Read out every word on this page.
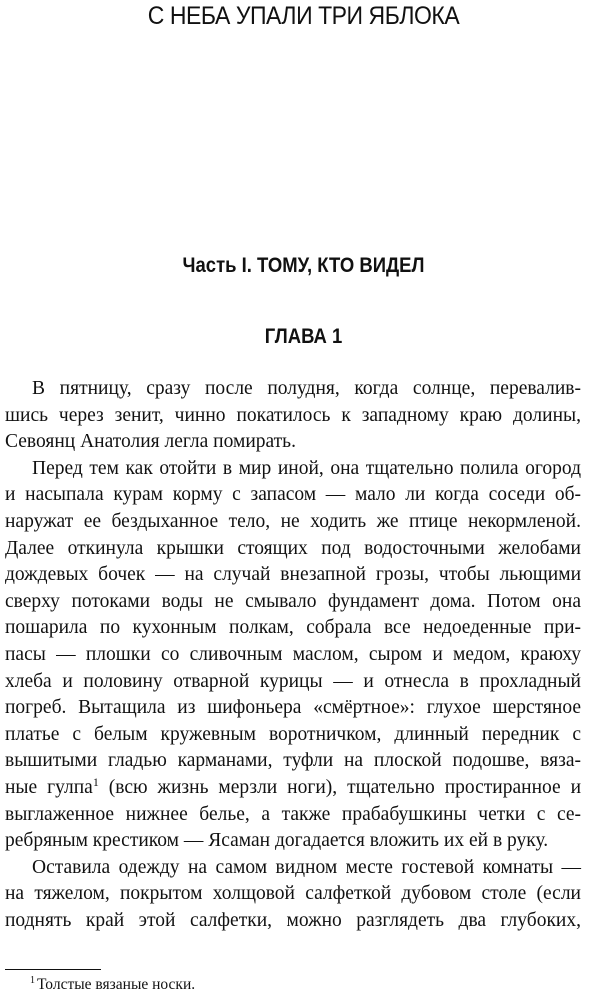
С НЕБА УПАЛИ ТРИ ЯБЛОКА
Часть I. ТОМУ, КТО ВИДЕЛ
ГЛАВА 1
В пятницу, сразу после полудня, когда солнце, перевалив-
шись через зенит, чинно покатилось к западному краю долины,
Севоянц Анатолия легла помирать.
Перед тем как отойти в мир иной, она тщательно полила огород
и насыпала курам корму с запасом — мало ли когда соседи об-
наружат ее бездыханное тело, не ходить же птице некормленой.
Далее откинула крышки стоящих под водосточными желобами
дождевых бочек — на случай внезапной грозы, чтобы льющими
сверху потоками воды не смывало фундамент дома. Потом она
пошарила по кухонным полкам, собрала все недоеденные при-
пасы — плошки со сливочным маслом, сыром и медом, краюху
хлеба и половину отварной курицы — и отнесла в прохладный
погреб. Вытащила из шифоньера «смёртное»: глухое шерстяное
платье с белым кружевным воротничком, длинный передник с
вышитыми гладью карманами, туфли на плоской подошве, вяза-
ные гулпа$^1$ (всю жизнь мерзли ноги), тщательно простиранное и
выглаженное нижнее белье, а также прабабушкины четки с се-
ребряным крестиком — Ясаман догадается вложить их ей в руку.
Оставила одежду на самом видном месте гостевой комнаты —
на тяжелом, покрытом холщовой салфеткой дубовом столе (если
поднять край этой салфетки, можно разглядеть два глубоких,
$^1$ Толстые вязаные носки.
